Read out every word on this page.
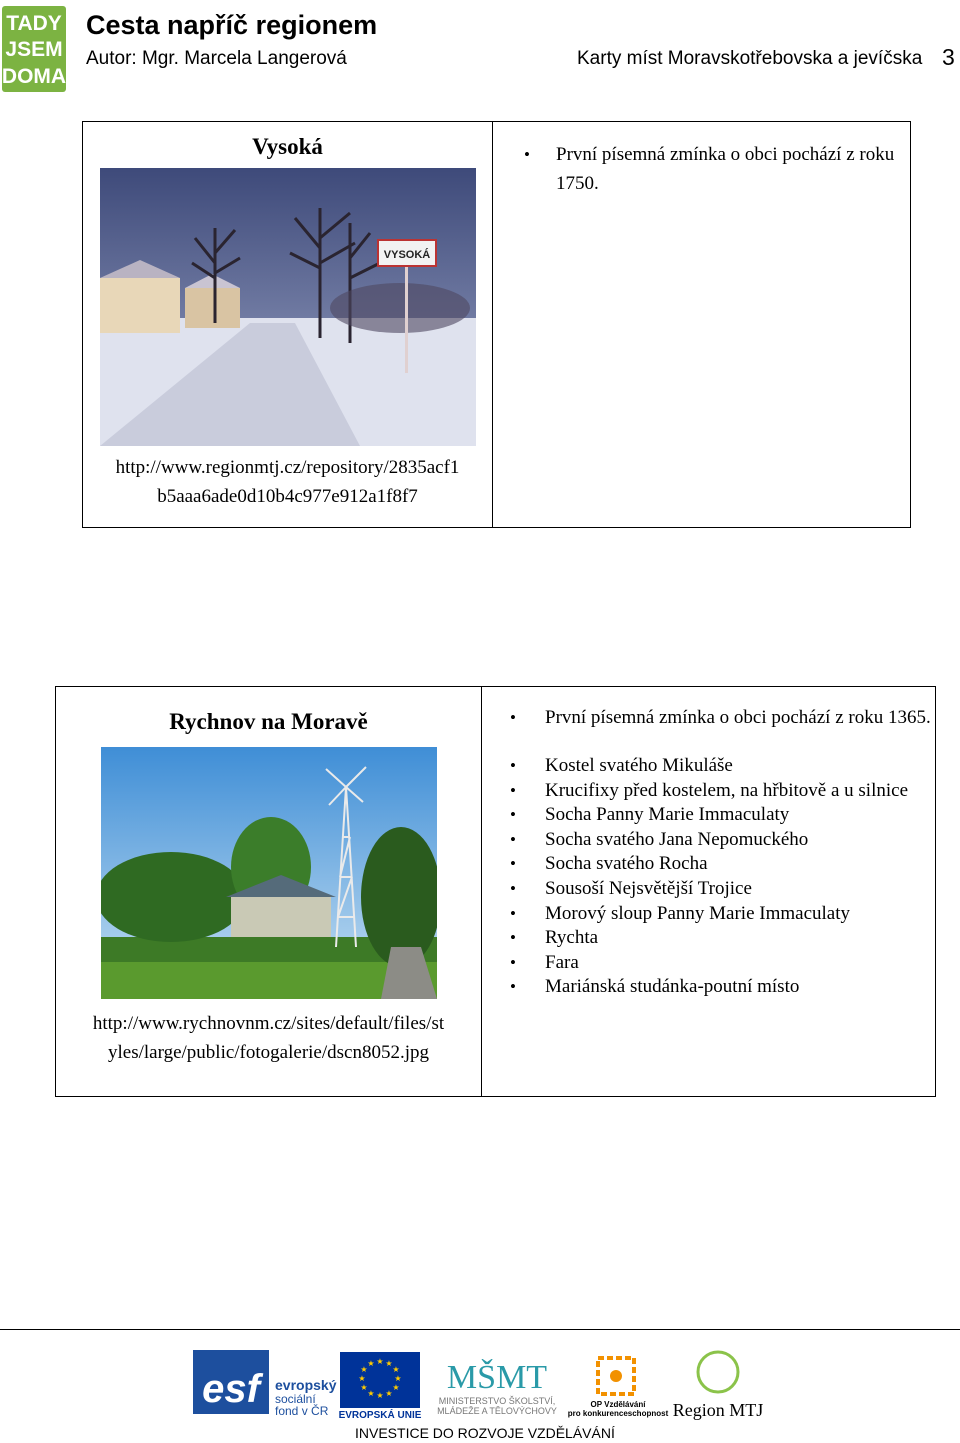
TADY
JSEM
DOMA
Cesta napříč regionem
Autor: Mgr. Marcela Langerová	Karty míst Moravskotřebovska a jevíčska 3
Vysoká
VYSOKÁ
http://www.regionmtj.cz/repository/2835acf1
b5aaa6ade0d10b4c977e912a1f8f7

• První písemná zmínka o obci pochází z roku 1750.
Rychnov na Moravě
http://www.rychnovnm.cz/sites/default/files/st
yles/large/public/fotogalerie/dscn8052.jpg

• První písemná zmínka o obci pochází z roku 1365.
• Kostel svatého Mikuláše
• Krucifixy před kostelem, na hřbitově a u silnice
• Socha Panny Marie Immaculaty
• Socha svatého Jana Nepomuckého
• Socha svatého Rocha
• Sousoší Nejsvětější Trojice
• Morový sloup Panny Marie Immaculaty
• Rychta
• Fara
• Mariánská studánka-poutní místo
esf evropský
sociální
fond v ČR
★ ★
★
★
★
★
★
★
★
★
★
★
EVROPSKÁ UNIE
MŠMT
MINISTERSTVO ŠKOLSTVÍ,
MLÁDEŽE A TĚLOVÝCHOVY
OP Vzdělávání
pro konkurenceschopnost Region MTJ
INVESTICE DO ROZVOJE VZDĚLÁVÁNÍ
